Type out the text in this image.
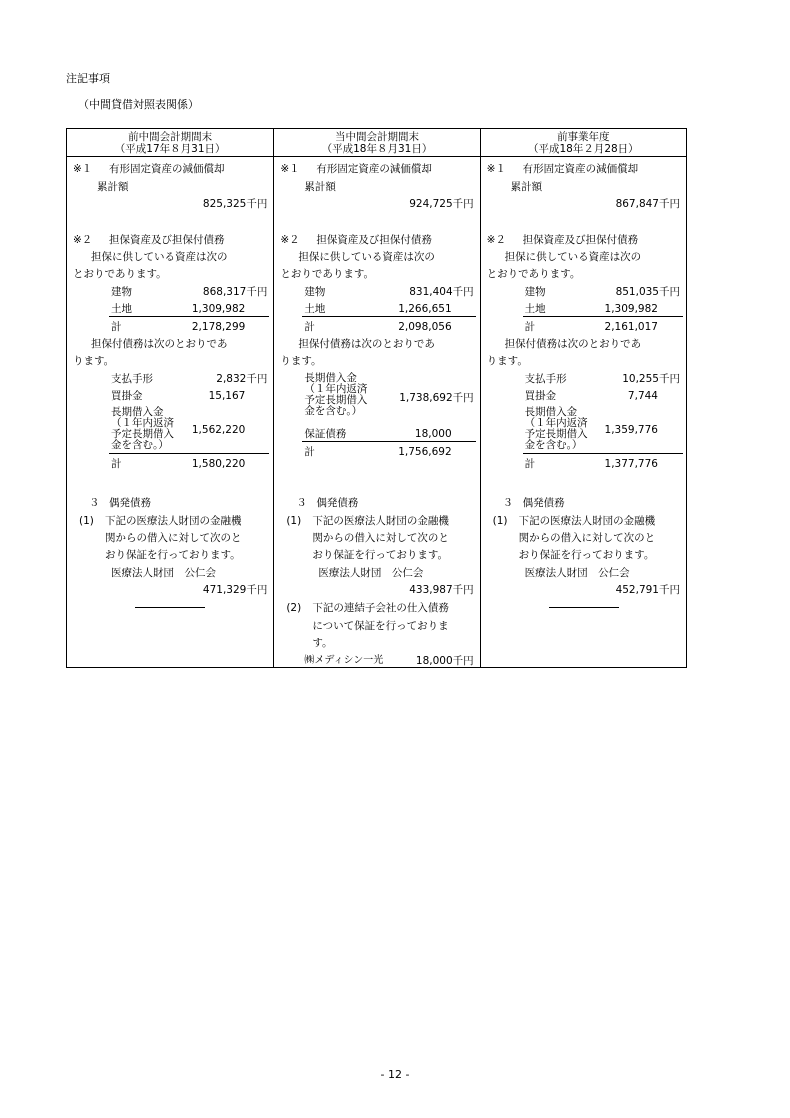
注記事項
（中間貸借対照表関係）
前中間会計期間末
（平成17年８月31日）
※１ 有形固定資産の減価償却
累計額
825,325千円
※２ 担保資産及び担保付債務
担保に供している資産は次の
とおりであります。
建物	868,317千円
土地	1,309,982
計	2,178,299
担保付債務は次のとおりであ
ります。
支払手形	2,832千円
買掛金	15,167
長期借入金
（１年内返済
予定長期借入
金を含む。）
1,562,220
計	1,580,220
３ 偶発債務
(1) 下記の医療法人財団の金融機
関からの借入に対して次のと
おり保証を行っております。
医療法人財団　公仁会
471,329千円
当中間会計期間末
（平成18年８月31日）
※１ 有形固定資産の減価償却
累計額
924,725千円
※２ 担保資産及び担保付債務
担保に供している資産は次の
とおりであります。
建物	831,404千円
土地	1,266,651
計	2,098,056
担保付債務は次のとおりであ
ります。
長期借入金
（１年内返済
予定長期借入
金を含む。）
1,738,692千円
保証債務	18,000
計	1,756,692
３ 偶発債務
(1) 下記の医療法人財団の金融機
関からの借入に対して次のと
おり保証を行っております。
医療法人財団　公仁会
433,987千円
(2) 下記の連結子会社の仕入債務
について保証を行っておりま
す。
㈱メディシン一光	18,000千円
前事業年度
（平成18年２月28日）
※１ 有形固定資産の減価償却
累計額
867,847千円
※２ 担保資産及び担保付債務
担保に供している資産は次の
とおりであります。
建物	851,035千円
土地	1,309,982
計	2,161,017
担保付債務は次のとおりであ
ります。
支払手形	10,255千円
買掛金	7,744
長期借入金
（１年内返済
予定長期借入
金を含む。）
1,359,776
計	1,377,776
３ 偶発債務
(1) 下記の医療法人財団の金融機
関からの借入に対して次のと
おり保証を行っております。
医療法人財団　公仁会
452,791千円
- 12 -
